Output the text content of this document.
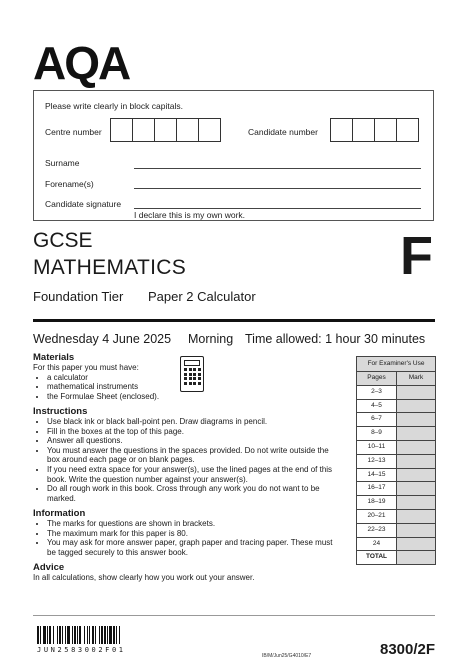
AQA
Please write clearly in block capitals.
Centre number	Candidate number
Surname
Forename(s)
Candidate signature
I declare this is my own work.
GCSE
MATHEMATICS
Foundation Tier Paper 2 Calculator
F
Wednesday 4 June 2025 Morning Time allowed: 1 hour 30 minutes
Materials
For this paper you must have:
• a calculator
• mathematical instruments
• the Formulae Sheet (enclosed).
Instructions
• Use black ink or black ball-point pen. Draw diagrams in pencil.
• Fill in the boxes at the top of this page.
• Answer all questions.
• You must answer the questions in the spaces provided. Do not write outside the box around each page or on blank pages.
• If you need extra space for your answer(s), use the lined pages at the end of this book. Write the question number against your answer(s).
• Do all rough work in this book. Cross through any work you do not want to be marked.
Information
• The marks for questions are shown in brackets.
• The maximum mark for this paper is 80.
• You may ask for more answer paper, graph paper and tracing paper. These must be tagged securely to this answer book.
Advice
In all calculations, show clearly how you work out your answer.
For Examiner's Use
Pages	Mark
2–3
4–5
6–7
8–9
10–11
12–13
14–15
16–17
18–19
20–21
22–23
24
TOTAL
JUN2583002F01
IB/M/Jun25/G4010/E7	8300/2F
